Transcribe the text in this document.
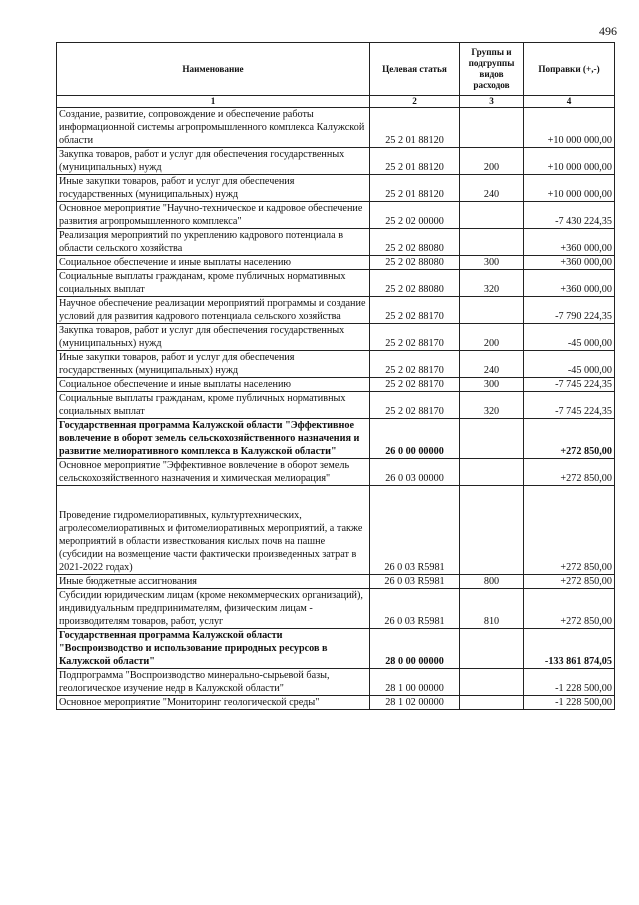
496
Наименование	Целевая статья	Группы и подгруппы видов расходов	Поправки (+,-)
1	2	3	4
Создание, развитие, сопровождение и обеспечение работы информационной системы агропромышленного комплекса Калужской области	25 2 01 88120		+10 000 000,00
Закупка товаров, работ и услуг для обеспечения государственных (муниципальных) нужд	25 2 01 88120	200	+10 000 000,00
Иные закупки товаров, работ и услуг для обеспечения государственных (муниципальных) нужд	25 2 01 88120	240	+10 000 000,00
Основное мероприятие "Научно-техническое и кадровое обеспечение развития агропромышленного комплекса"	25 2 02 00000		-7 430 224,35
Реализация мероприятий по укреплению кадрового потенциала в области сельского хозяйства	25 2 02 88080		+360 000,00
Социальное обеспечение и иные выплаты населению	25 2 02 88080	300	+360 000,00
Социальные выплаты гражданам, кроме публичных нормативных социальных выплат	25 2 02 88080	320	+360 000,00
Научное обеспечение реализации мероприятий программы и создание условий для развития кадрового потенциала сельского хозяйства	25 2 02 88170		-7 790 224,35
Закупка товаров, работ и услуг для обеспечения государственных (муниципальных) нужд	25 2 02 88170	200	-45 000,00
Иные закупки товаров, работ и услуг для обеспечения государственных (муниципальных) нужд	25 2 02 88170	240	-45 000,00
Социальное обеспечение и иные выплаты населению	25 2 02 88170	300	-7 745 224,35
Социальные выплаты гражданам, кроме публичных нормативных социальных выплат	25 2 02 88170	320	-7 745 224,35
Государственная программа Калужской области "Эффективное вовлечение в оборот земель сельскохозяйственного назначения и развитие мелиоративного комплекса в Калужской области"	26 0 00 00000		+272 850,00
Основное мероприятие "Эффективное вовлечение в оборот земель сельскохозяйственного назначения и химическая мелиорация"	26 0 03 00000		+272 850,00
Проведение гидромелиоративных, культуртехнических, агролесомелиоративных и фитомелиоративных мероприятий, а также мероприятий в области известкования кислых почв на пашне (субсидии на возмещение части фактически произведенных затрат в 2021-2022 годах)	26 0 03 R5981		+272 850,00
Иные бюджетные ассигнования	26 0 03 R5981	800	+272 850,00
Субсидии юридическим лицам (кроме некоммерческих организаций), индивидуальным предпринимателям, физическим лицам - производителям товаров, работ, услуг	26 0 03 R5981	810	+272 850,00
Государственная программа Калужской области "Воспроизводство и использование природных ресурсов в Калужской области"	28 0 00 00000		-133 861 874,05
Подпрограмма "Воспроизводство минерально-сырьевой базы, геологическое изучение недр в Калужской области"	28 1 00 00000		-1 228 500,00
Основное мероприятие "Мониторинг геологической среды"	28 1 02 00000		-1 228 500,00
